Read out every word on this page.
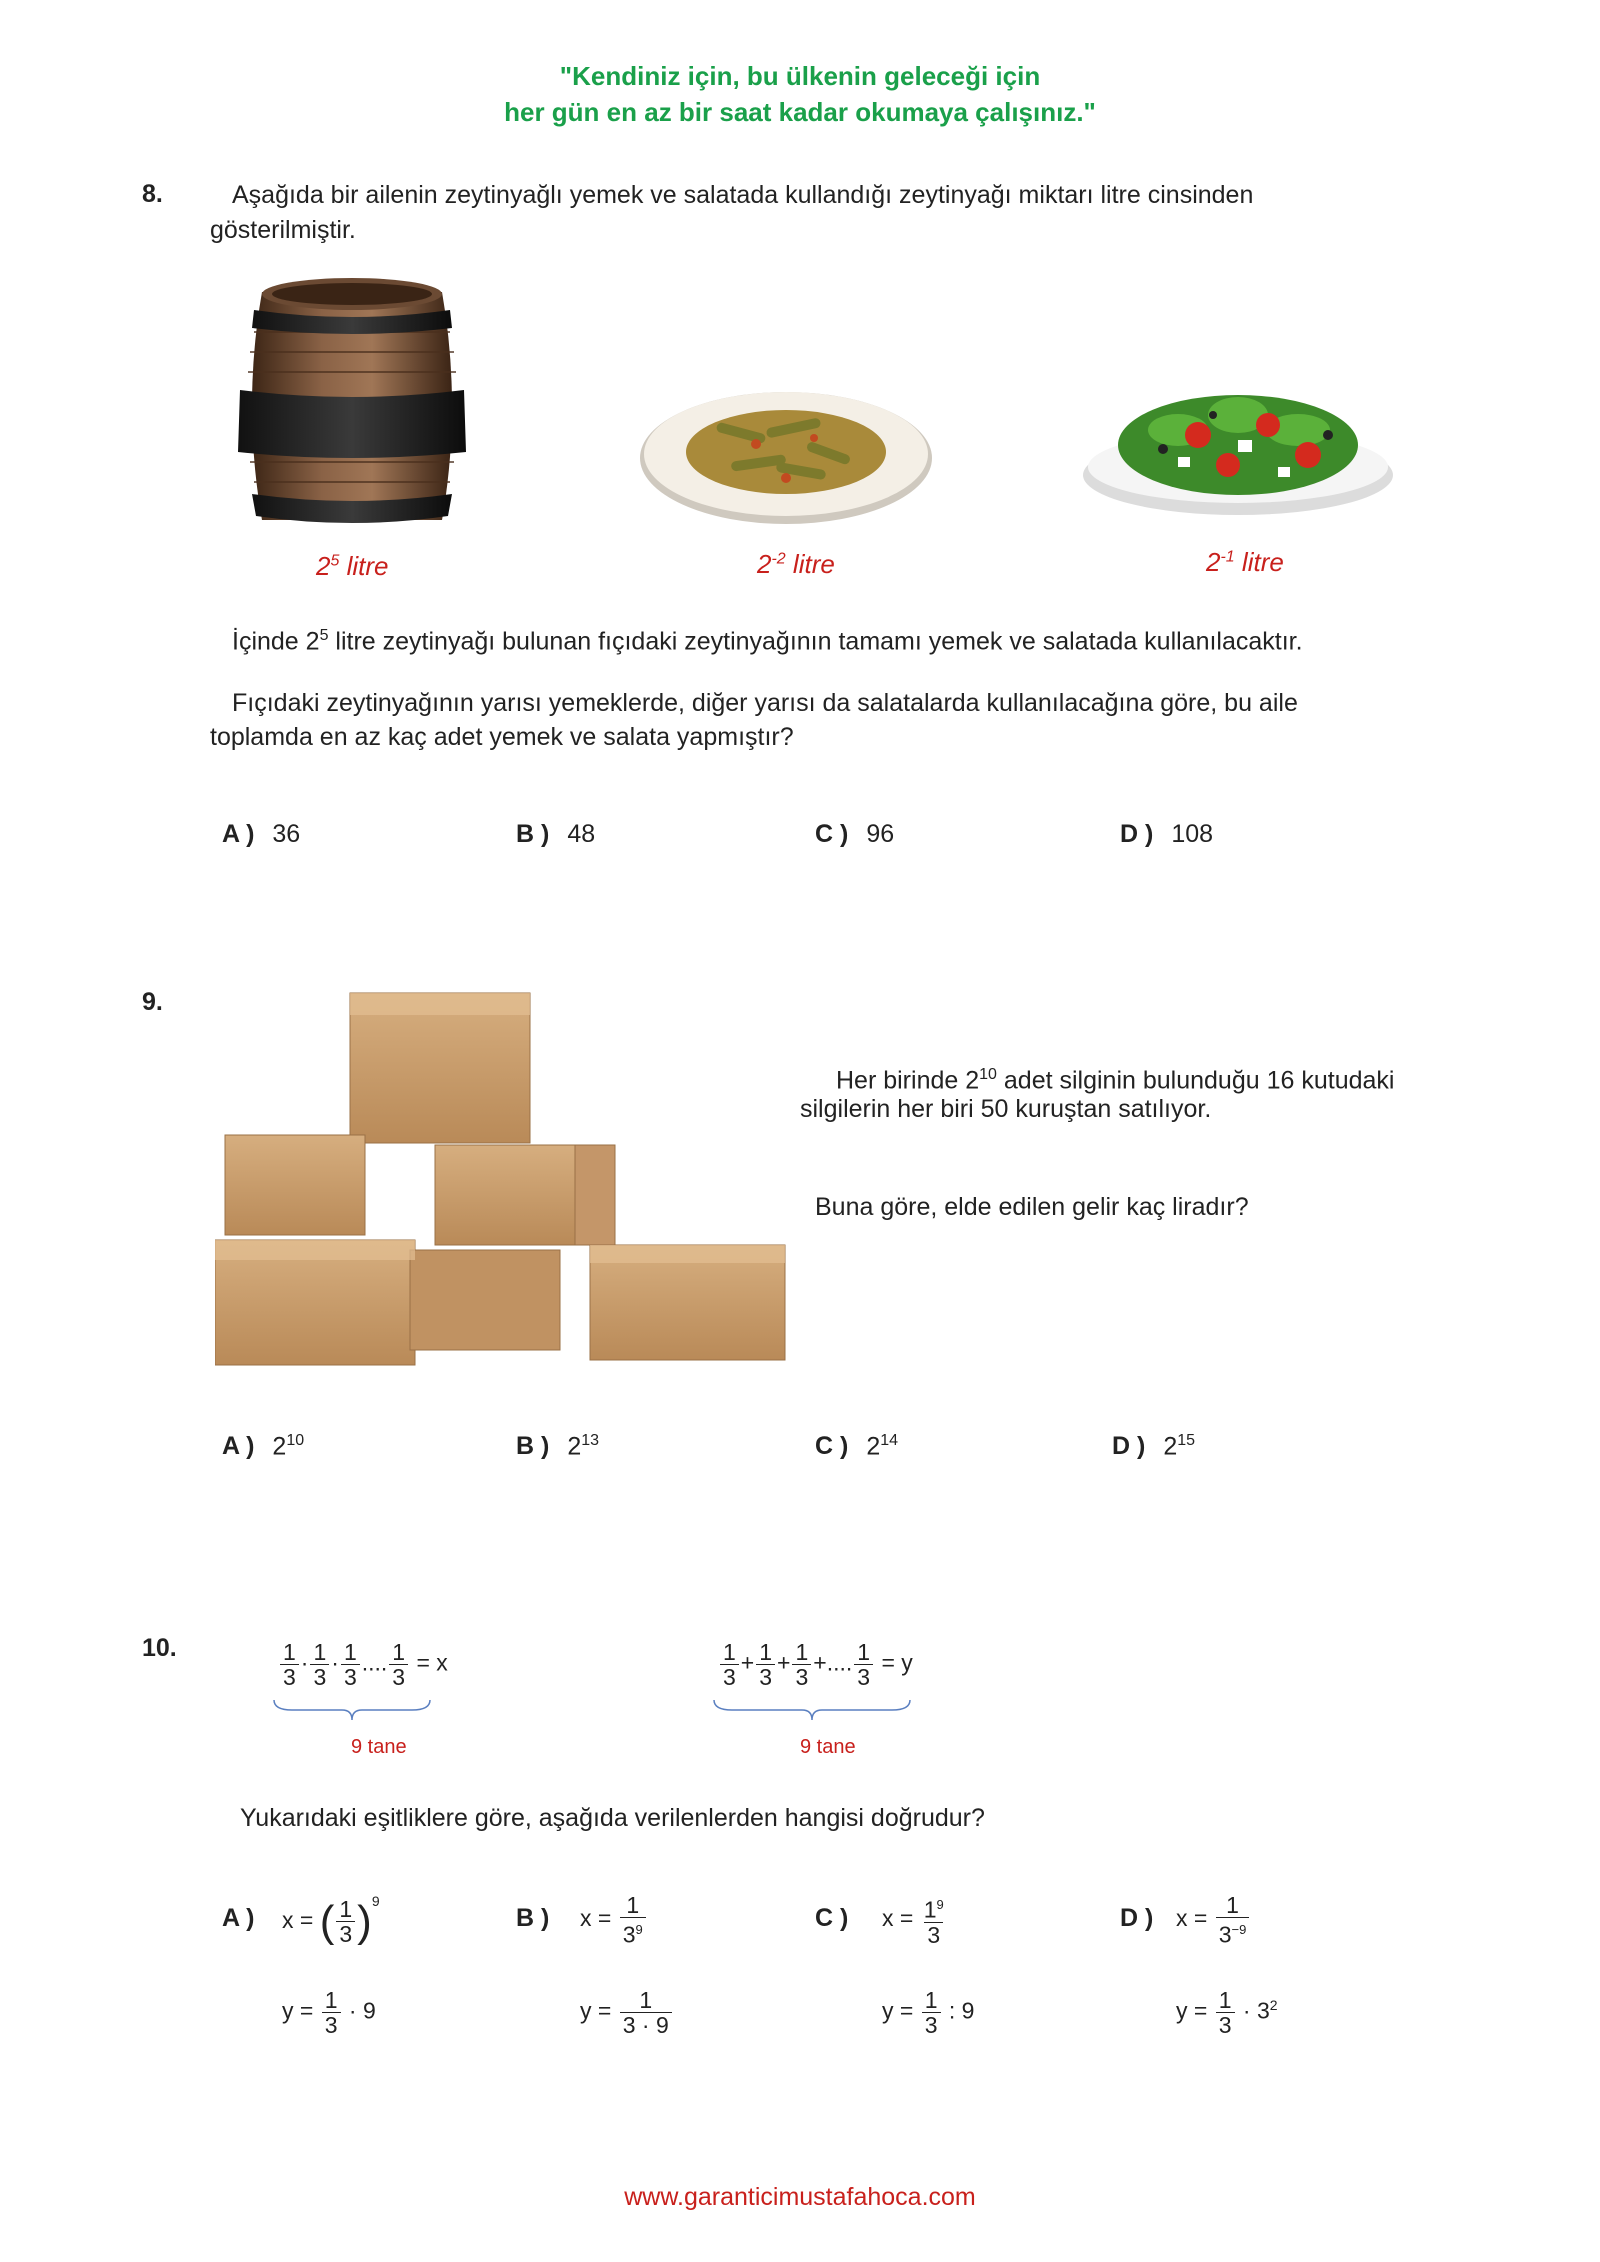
"Kendiniz için, bu ülkenin geleceği için
her gün en az bir saat kadar okumaya çalışınız."
8.	Aşağıda bir ailenin zeytinyağlı yemek ve salatada kullandığı zeytinyağı miktarı litre cinsinden
gösterilmiştir.
$2^5$ litre	$2^{-2}$ litre	$2^{-1}$ litre
İçinde $2^5$ litre zeytinyağı bulunan fıçıdaki zeytinyağının tamamı yemek ve salatada kullanılacaktır.
Fıçıdaki zeytinyağının yarısı yemeklerde, diğer yarısı da salatalarda kullanılacağına göre, bu aile
toplamda en az kaç adet yemek ve salata yapmıştır?
A ) 36	B ) 48	C ) 96	D ) 108
9.
Her birinde $2^{10}$ adet silginin bulunduğu 16 kutudaki
silgilerin her biri 50 kuruştan satılıyor.
Buna göre, elde edilen gelir kaç liradır?
A ) $2^{10}$	B ) $2^{13}$	C ) $2^{14}$	D ) $2^{15}$
10.	$\frac{1}{3} \cdot \frac{1}{3} \cdot \frac{1}{3}$ .... $\frac{1}{3} = x$
9 tane
$\frac{1}{3} + \frac{1}{3} + \frac{1}{3}$ +.... $\frac{1}{3} = y$
9 tane
Yukarıdaki eşitliklere göre, aşağıda verilenlerden hangisi doğrudur?
A )	x = ( $\frac{1}{3} )^9$
$y = \frac{1}{3} \cdot 9$
B )	$x = \frac{1}{3^9}$
$y = \frac{1}{3 \cdot 9}$
C )	$x = \frac{1^9}{3}$
$y = \frac{1}{3}$ : 9
D ) $x = \frac{1}{3^{-9}}$
$y = \frac{1}{3} \cdot 3^2$
www.garanticimustafahoca.com
